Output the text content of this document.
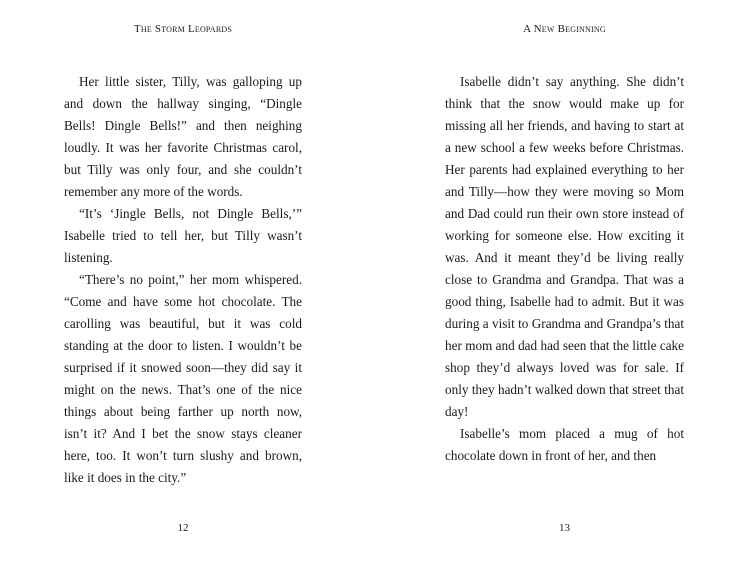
The Storm Leopards

Her little sister, Tilly, was galloping up and down the hallway singing, “Dingle Bells! Dingle Bells!” and then neighing loudly. It was her favorite Christmas carol, but Tilly was only four, and she couldn’t remember any more of the words.

“It’s ‘Jingle Bells, not Dingle Bells,’” Isabelle tried to tell her, but Tilly wasn’t listening.

“There’s no point,” her mom whispered. “Come and have some hot chocolate. The carolling was beautiful, but it was cold standing at the door to listen. I wouldn’t be surprised if it snowed soon—they did say it might on the news. That’s one of the nice things about being farther up north now, isn’t it? And I bet the snow stays cleaner here, too. It won’t turn slushy and brown, like it does in the city.”

12
A New Beginning

Isabelle didn’t say anything. She didn’t think that the snow would make up for missing all her friends, and having to start at a new school a few weeks before Christmas. Her parents had explained everything to her and Tilly—how they were moving so Mom and Dad could run their own store instead of working for someone else. How exciting it was. And it meant they’d be living really close to Grandma and Grandpa. That was a good thing, Isabelle had to admit. But it was during a visit to Grandma and Grandpa’s that her mom and dad had seen that the little cake shop they’d always loved was for sale. If only they hadn’t walked down that street that day!

Isabelle’s mom placed a mug of hot chocolate down in front of her, and then

13
